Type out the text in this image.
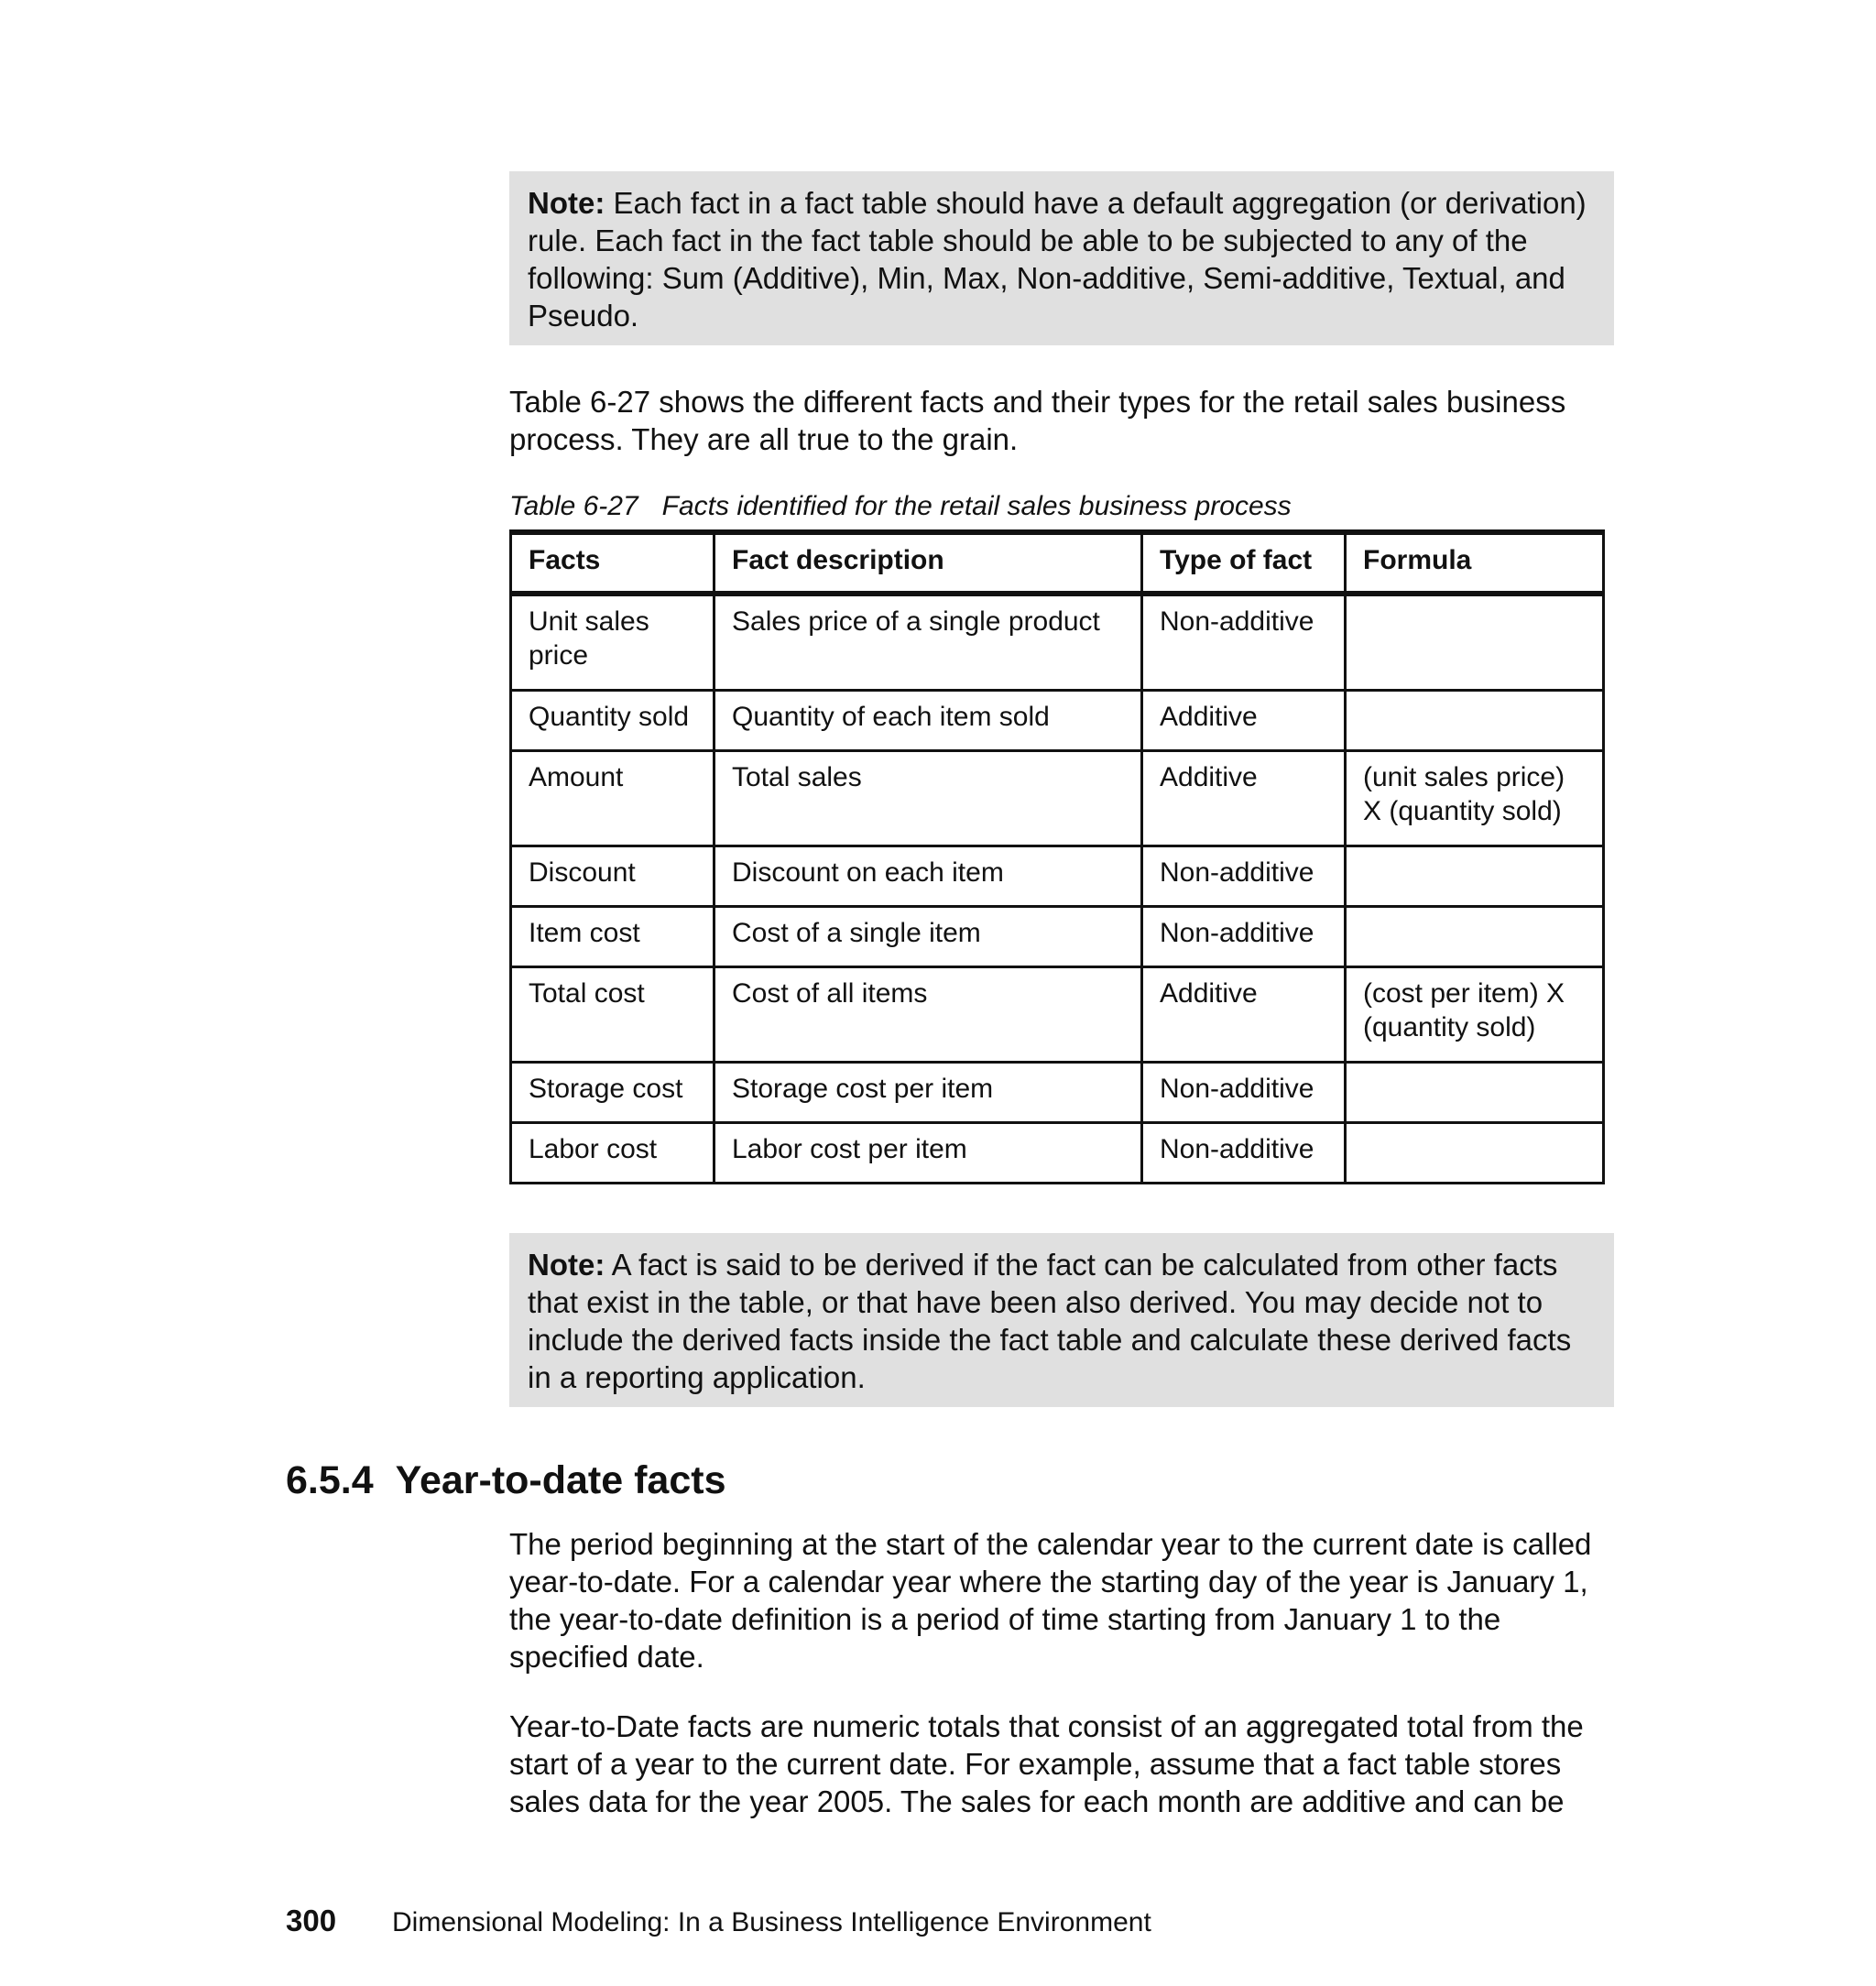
Note: Each fact in a fact table should have a default aggregation (or derivation) rule. Each fact in the fact table should be able to be subjected to any of the following: Sum (Additive), Min, Max, Non-additive, Semi-additive, Textual, and Pseudo.

Table 6-27 shows the different facts and their types for the retail sales business process. They are all true to the grain.

Table 6-27 Facts identified for the retail sales business process
Facts	Fact description	Type of fact	Formula
Unit sales price	Sales price of a single product	Non-additive	
Quantity sold	Quantity of each item sold	Additive	
Amount	Total sales	Additive	(unit sales price) X (quantity sold)
Discount	Discount on each item	Non-additive	
Item cost	Cost of a single item	Non-additive	
Total cost	Cost of all items	Additive	(cost per item) X (quantity sold)
Storage cost	Storage cost per item	Non-additive	
Labor cost	Labor cost per item	Non-additive	
Note: A fact is said to be derived if the fact can be calculated from other facts that exist in the table, or that have been also derived. You may decide not to include the derived facts inside the fact table and calculate these derived facts in a reporting application.
6.5.4 Year-to-date facts

The period beginning at the start of the calendar year to the current date is called year-to-date. For a calendar year where the starting day of the year is January 1, the year-to-date definition is a period of time starting from January 1 to the specified date.

Year-to-Date facts are numeric totals that consist of an aggregated total from the start of a year to the current date. For example, assume that a fact table stores sales data for the year 2005. The sales for each month are additive and can be

300 Dimensional Modeling: In a Business Intelligence Environment
